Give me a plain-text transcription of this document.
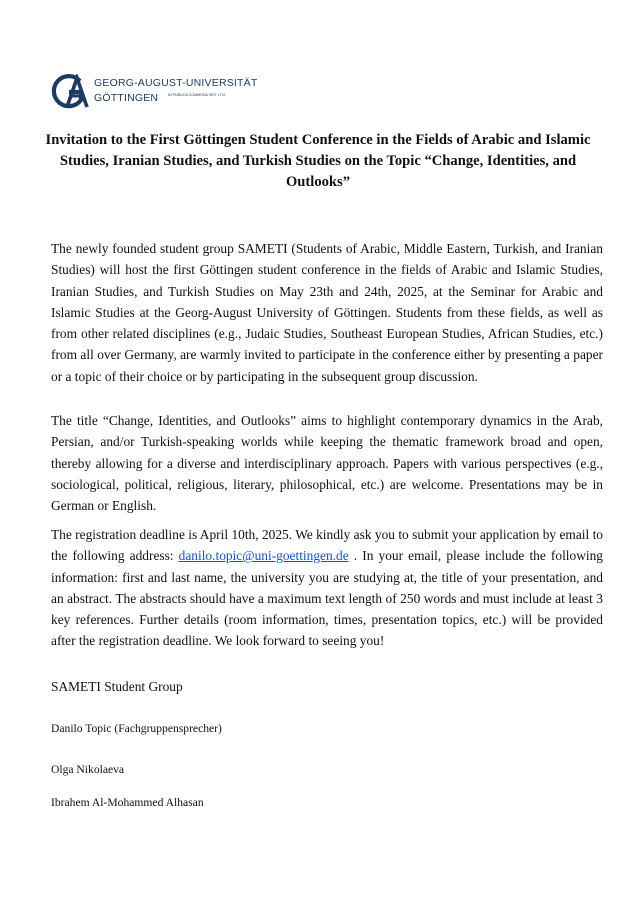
GEORG-AUGUST-UNIVERSITÄT
GÖTTINGEN	IN PUBLICA COMMODA SEIT 1737
Invitation to the First Göttingen Student Conference in the Fields of Arabic and Islamic Studies, Iranian Studies, and Turkish Studies on the Topic “Change, Identities, and Outlooks”

The newly founded student group SAMETI (Students of Arabic, Middle Eastern, Turkish, and Iranian Studies) will host the first Göttingen student conference in the fields of Arabic and Islamic Studies, Iranian Studies, and Turkish Studies on May 23th and 24th, 2025, at the Seminar for Arabic and Islamic Studies at the Georg-August University of Göttingen. Students from these fields, as well as from other related disciplines (e.g., Judaic Studies, Southeast European Studies, African Studies, etc.) from all over Germany, are warmly invited to participate in the conference either by presenting a paper or a topic of their choice or by participating in the subsequent group discussion.

The title “Change, Identities, and Outlooks” aims to highlight contemporary dynamics in the Arab, Persian, and/or Turkish-speaking worlds while keeping the thematic framework broad and open, thereby allowing for a diverse and interdisciplinary approach. Papers with various perspectives (e.g., sociological, political, religious, literary, philosophical, etc.) are welcome. Presentations may be in German or English.

The registration deadline is April 10th, 2025. We kindly ask you to submit your application by email to the following address: danilo.topic@uni-goettingen.de . In your email, please include the following information: first and last name, the university you are studying at, the title of your presentation, and an abstract. The abstracts should have a maximum text length of 250 words and must include at least 3 key references. Further details (room information, times, presentation topics, etc.) will be provided after the registration deadline. We look forward to seeing you!

SAMETI Student Group
Danilo Topic (Fachgruppensprecher)
Olga Nikolaeva
Ibrahem Al-Mohammed Alhasan
